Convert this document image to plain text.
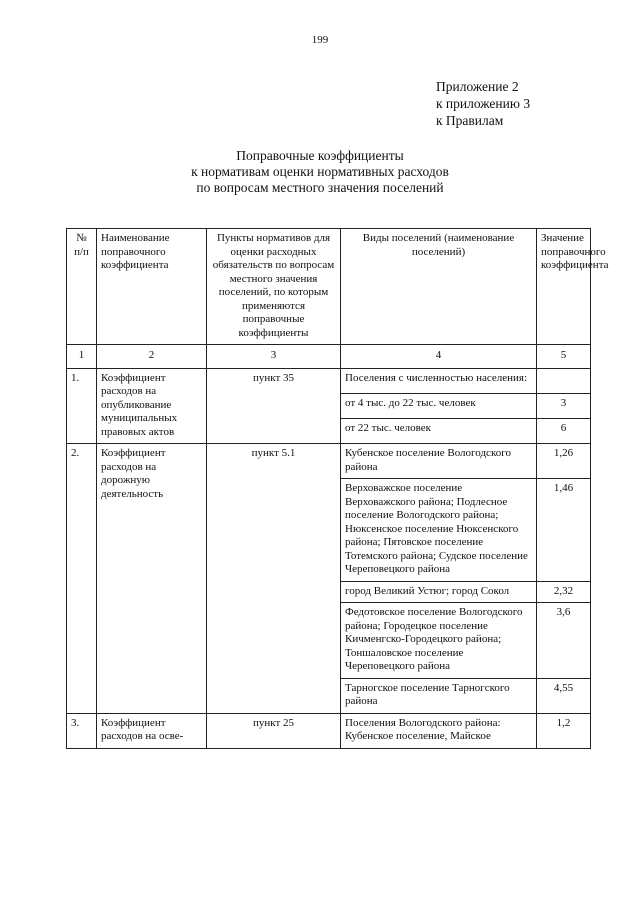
199
Приложение 2
к приложению 3
к Правилам
Поправочные коэффициенты
к нормативам оценки нормативных расходов
по вопросам местного значения поселений
№ п/п	Наименование поправочного коэффициента	Пункты нормативов для оценки расходных обязательств по вопросам местного значения поселений, по которым применяются поправочные коэффициенты	Виды поселений (наименование поселений)	Значение поправочного коэффициента
1	2	3	4	5
1.	Коэффициент расходов на опубликование муниципальных правовых актов	пункт 35	Поселения с численностью населения:	
			от 4 тыс. до 22 тыс. человек	3
			от 22 тыс. человек	6
2.	Коэффициент расходов на дорожную деятельность	пункт 5.1	Кубенское поселение Вологодского района	1,26
			Верховажское поселение Верховажского района; Подлесное поселение Вологодского района; Нюксенское поселение Нюксенского района; Пятовское поселение Тотемского района; Судское поселение Череповецкого района	1,46
			город Великий Устюг; город Сокол	2,32
			Федотовское поселение Вологодского района; Городецкое поселение Кичменгско-Городецкого района; Тоншаловское поселение Череповецкого района	3,6
			Тарногское поселение Тарногского района	4,55
3.	Коэффициент расходов на осве-	пункт 25	Поселения Вологодского района: Кубенское поселение, Майское	1,2
